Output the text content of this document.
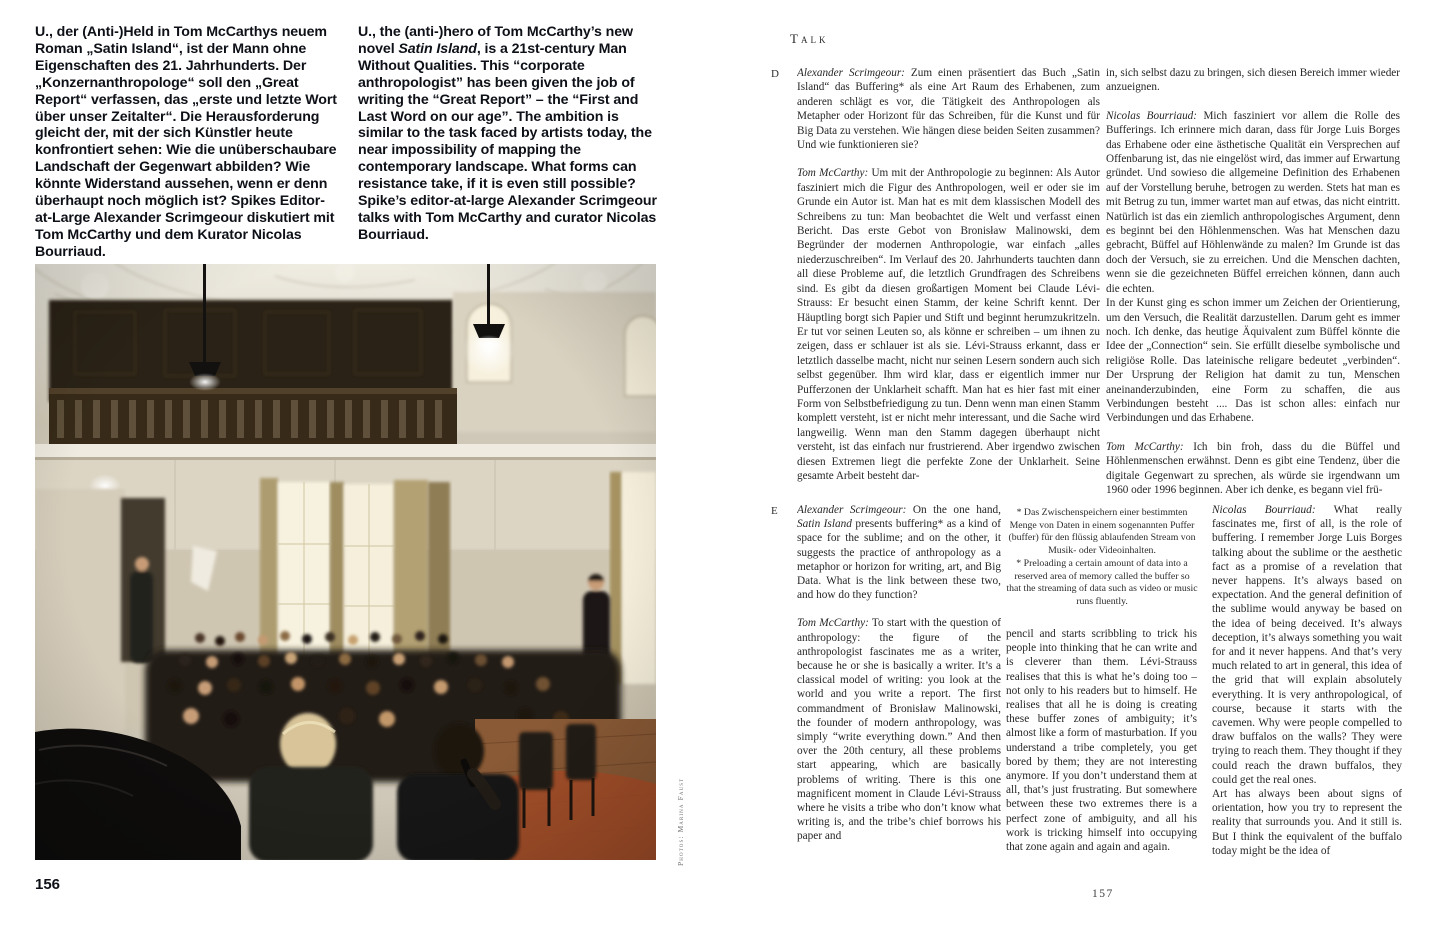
U., der (Anti-)Held in Tom McCarthys neuem Roman „Satin Island“, ist der Mann ohne Eigenschaften des 21. Jahrhunderts. Der „Konzernanthropologe“ soll den „Great Report“ verfassen, das „erste und letzte Wort über unser Zeitalter“. Die Herausforderung gleicht der, mit der sich Künstler heute konfrontiert sehen: Wie die unüberschaubare Landschaft der Gegenwart abbilden? Wie könnte Widerstand aussehen, wenn er denn überhaupt noch möglich ist? Spikes Editor-at-Large Alexander Scrimgeour diskutiert mit Tom McCarthy und dem Kurator Nicolas Bourriaud.
U., the (anti-)hero of Tom McCarthy’s new novel Satin Island, is a 21st-century Man Without Qualities. This “corporate anthropologist” has been given the job of writing the “Great Report” – the “First and Last Word on our age”. The ambition is similar to the task faced by artists today, the near impossibility of mapping the contemporary landscape. What forms can resistance take, if it is even still possible? Spike’s editor-at-large Alexander Scrimgeour talks with Tom McCarthy and curator Nicolas Bourriaud.
156
Photos: Marina Faust
Talk
D Alexander Scrimgeour: Zum einen präsentiert das Buch „Satin Island“ das Buffering* als eine Art Raum des Erhabenen, zum anderen schlägt es vor, die Tätigkeit des Anthropologen als Metapher oder Horizont für das Schreiben, für die Kunst und für Big Data zu verstehen. Wie hängen diese beiden Seiten zusammen? Und wie funktionieren sie?

Tom McCarthy: Um mit der Anthropologie zu beginnen: Als Autor fasziniert mich die Figur des Anthropologen, weil er oder sie im Grunde ein Autor ist. Man hat es mit dem klassischen Modell des Schreibens zu tun: Man beobachtet die Welt und verfasst einen Bericht. Das erste Gebot von Bronisław Malinowski, dem Begründer der modernen Anthropologie, war einfach „alles niederzuschreiben“. Im Verlauf des 20. Jahrhunderts tauchten dann all diese Probleme auf, die letztlich Grundfragen des Schreibens sind. Es gibt da diesen großartigen Moment bei Claude Lévi-Strauss: Er besucht einen Stamm, der keine Schrift kennt. Der Häuptling borgt sich Papier und Stift und beginnt herumzukritzeln. Er tut vor seinen Leuten so, als könne er schreiben – um ihnen zu zeigen, dass er schlauer ist als sie. Lévi-Strauss erkannt, dass er letztlich dasselbe macht, nicht nur seinen Lesern sondern auch sich selbst gegenüber. Ihm wird klar, dass er eigentlich immer nur Pufferzonen der Unklarheit schafft. Man hat es hier fast mit einer Form von Selbstbefriedigung zu tun. Denn wenn man einen Stamm komplett versteht, ist er nicht mehr interessant, und die Sache wird langweilig. Wenn man den Stamm dagegen überhaupt nicht versteht, ist das einfach nur frustrierend. Aber irgendwo zwischen diesen Extremen liegt die perfekte Zone der Unklarheit. Seine gesamte Arbeit besteht dar-

in, sich selbst dazu zu bringen, sich diesen Bereich immer wieder anzueignen.

Nicolas Bourriaud: Mich fasziniert vor allem die Rolle des Bufferings. Ich erinnere mich daran, dass für Jorge Luis Borges das Erhabene oder eine ästhetische Qualität ein Versprechen auf Offenbarung ist, das nie eingelöst wird, das immer auf Erwartung gründet. Und sowieso die allgemeine Definition des Erhabenen auf der Vorstellung beruhe, betrogen zu werden. Stets hat man es mit Betrug zu tun, immer wartet man auf etwas, das nicht eintritt. Natürlich ist das ein ziemlich anthropologisches Argument, denn es beginnt bei den Höhlenmenschen. Was hat Menschen dazu gebracht, Büffel auf Höhlenwände zu malen? Im Grunde ist das doch der Versuch, sie zu erreichen. Und die Menschen dachten, wenn sie die gezeichneten Büffel erreichen können, dann auch die echten.

In der Kunst ging es schon immer um Zeichen der Orientierung, um den Versuch, die Realität darzustellen. Darum geht es immer noch. Ich denke, das heutige Äquivalent zum Büffel könnte die Idee der „Connection“ sein. Sie erfüllt dieselbe symbolische und religiöse Rolle. Das lateinische religare bedeutet „verbinden“. Der Ursprung der Religion hat damit zu tun, Menschen aneinanderzubinden, eine Form zu schaffen, die aus Verbindungen besteht .... Das ist schon alles: einfach nur Verbindungen und das Erhabene.

Tom McCarthy: Ich bin froh, dass du die Büffel und Höhlenmenschen erwähnst. Denn es gibt eine Tendenz, über die digitale Gegenwart zu sprechen, als würde sie irgendwann um 1960 oder 1996 beginnen. Aber ich denke, es begann viel frü-

E Alexander Scrimgeour: On the one hand, Satin Island presents buffering* as a kind of space for the sublime; and on the other, it suggests the practice of anthropology as a metaphor or horizon for writing, art, and Big Data. What is the link between these two, and how do they function?

Tom McCarthy: To start with the question of anthropology: the figure of the anthropologist fascinates me as a writer, because he or she is basically a writer. It’s a classical model of writing: you look at the world and you write a report. The first commandment of Bronisław Malinowski, the founder of modern anthropology, was simply “write everything down.” And then over the 20th century, all these problems start appearing, which are basically problems of writing. There is this one magnificent moment in Claude Lévi-Strauss where he visits a tribe who don’t know what writing is, and the tribe’s chief borrows his paper and

* Das Zwischenspeichern einer bestimmten Menge von Daten in einem sogenannten Puffer (buffer) für den flüssig ablaufenden Stream von Musik- oder Videoinhalten.
* Preloading a certain amount of data into a reserved area of memory called the buffer so that the streaming of data such as video or music runs fluently.

pencil and starts scribbling to trick his people into thinking that he can write and is cleverer than them. Lévi-Strauss realises that this is what he’s doing too – not only to his readers but to himself. He realises that all he is doing is creating these buffer zones of ambiguity; it’s almost like a form of masturbation. If you understand a tribe completely, you get bored by them; they are not interesting anymore. If you don’t understand them at all, that’s just frustrating. But somewhere between these two extremes there is a perfect zone of ambiguity, and all his work is tricking himself into occupying that zone again and again and again.

Nicolas Bourriaud: What really fascinates me, first of all, is the role of buffering. I remember Jorge Luis Borges talking about the sublime or the aesthetic fact as a promise of a revelation that never happens. It’s always based on expectation. And the general definition of the sublime would anyway be based on the idea of being deceived. It’s always deception, it’s always something you wait for and it never happens. And that’s very much related to art in general, this idea of the grid that will explain absolutely everything. It is very anthropological, of course, because it starts with the cavemen. Why were people compelled to draw buffalos on the walls? They were trying to reach them. They thought if they could reach the drawn buffalos, they could get the real ones.

Art has always been about signs of orientation, how you try to represent the reality that surrounds you. And it still is. But I think the equivalent of the buffalo today might be the idea of

157
